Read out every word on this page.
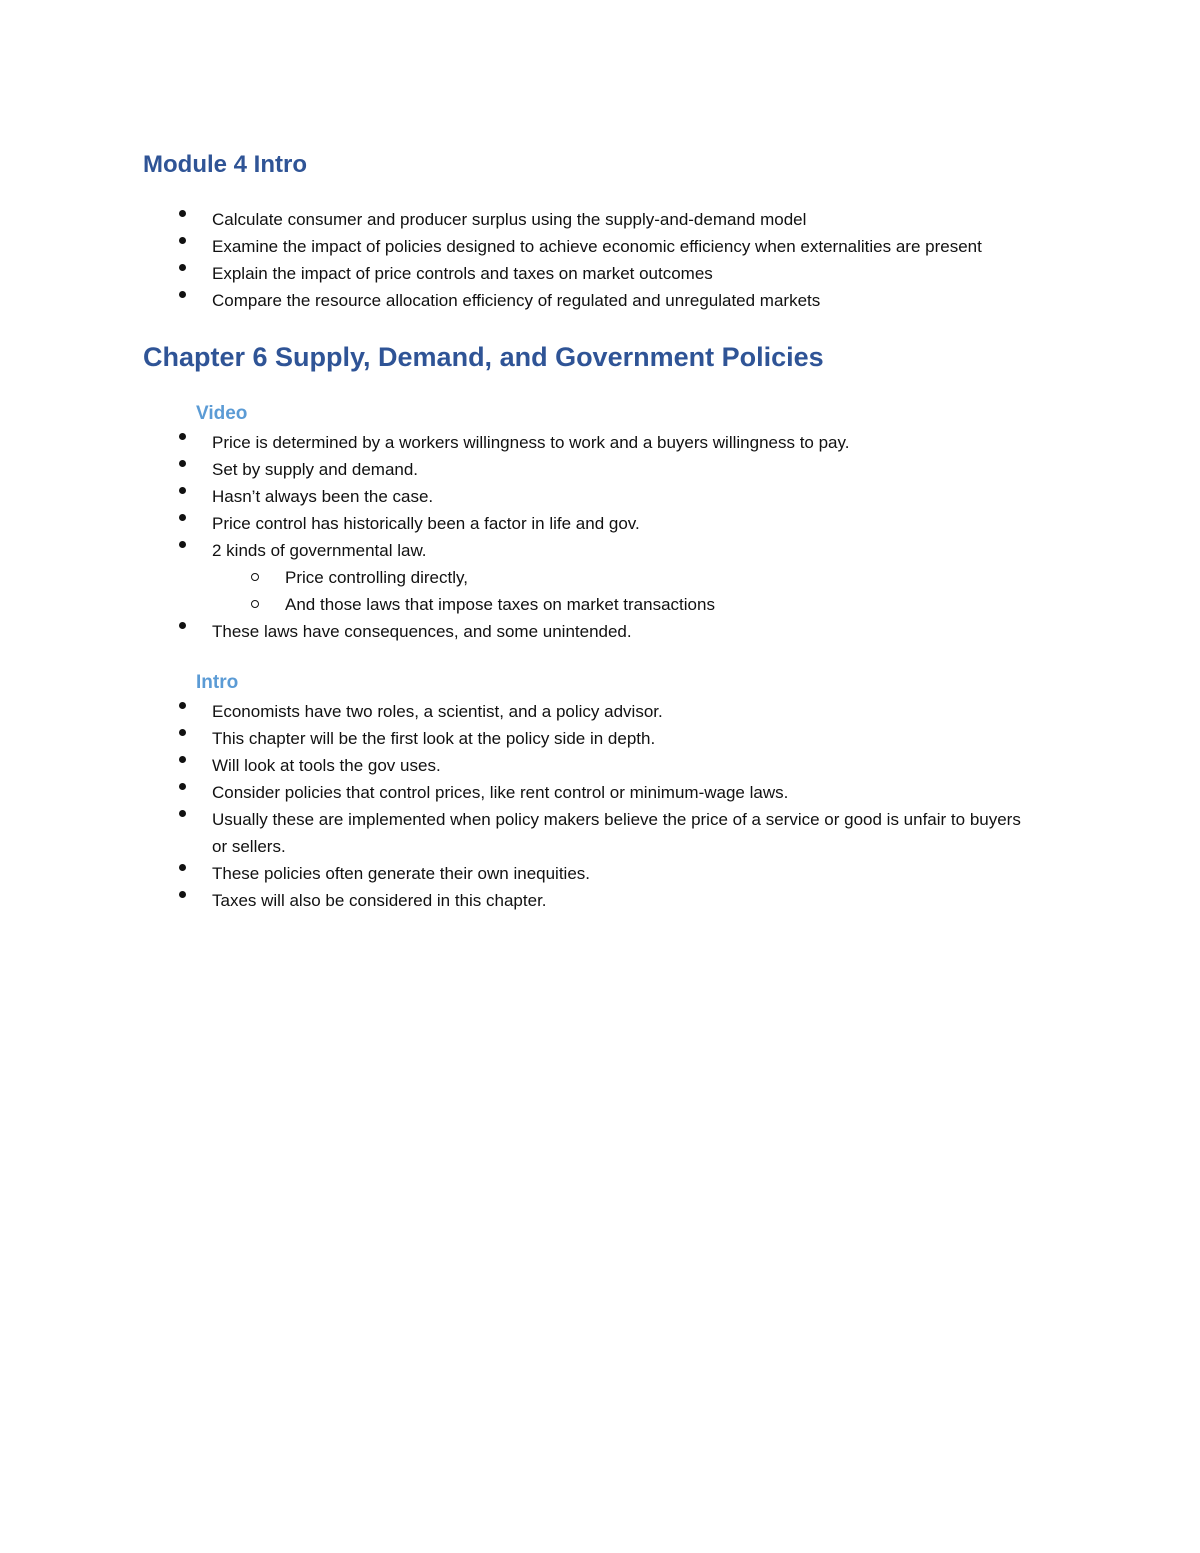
Module 4 Intro
Calculate consumer and producer surplus using the supply-and-demand model
Examine the impact of policies designed to achieve economic efficiency when externalities are present
Explain the impact of price controls and taxes on market outcomes
Compare the resource allocation efficiency of regulated and unregulated markets
Chapter 6 Supply, Demand, and Government Policies
Video
Price is determined by a workers willingness to work and a buyers willingness to pay.
Set by supply and demand.
Hasn’t always been the case.
Price control has historically been a factor in life and gov.
2 kinds of governmental law.
Price controlling directly,
And those laws that impose taxes on market transactions
These laws have consequences, and some unintended.
Intro
Economists have two roles, a scientist, and a policy advisor.
This chapter will be the first look at the policy side in depth.
Will look at tools the gov uses.
Consider policies that control prices, like rent control or minimum-wage laws.
Usually these are implemented when policy makers believe the price of a service or good is unfair to buyers or sellers.
These policies often generate their own inequities.
Taxes will also be considered in this chapter.
